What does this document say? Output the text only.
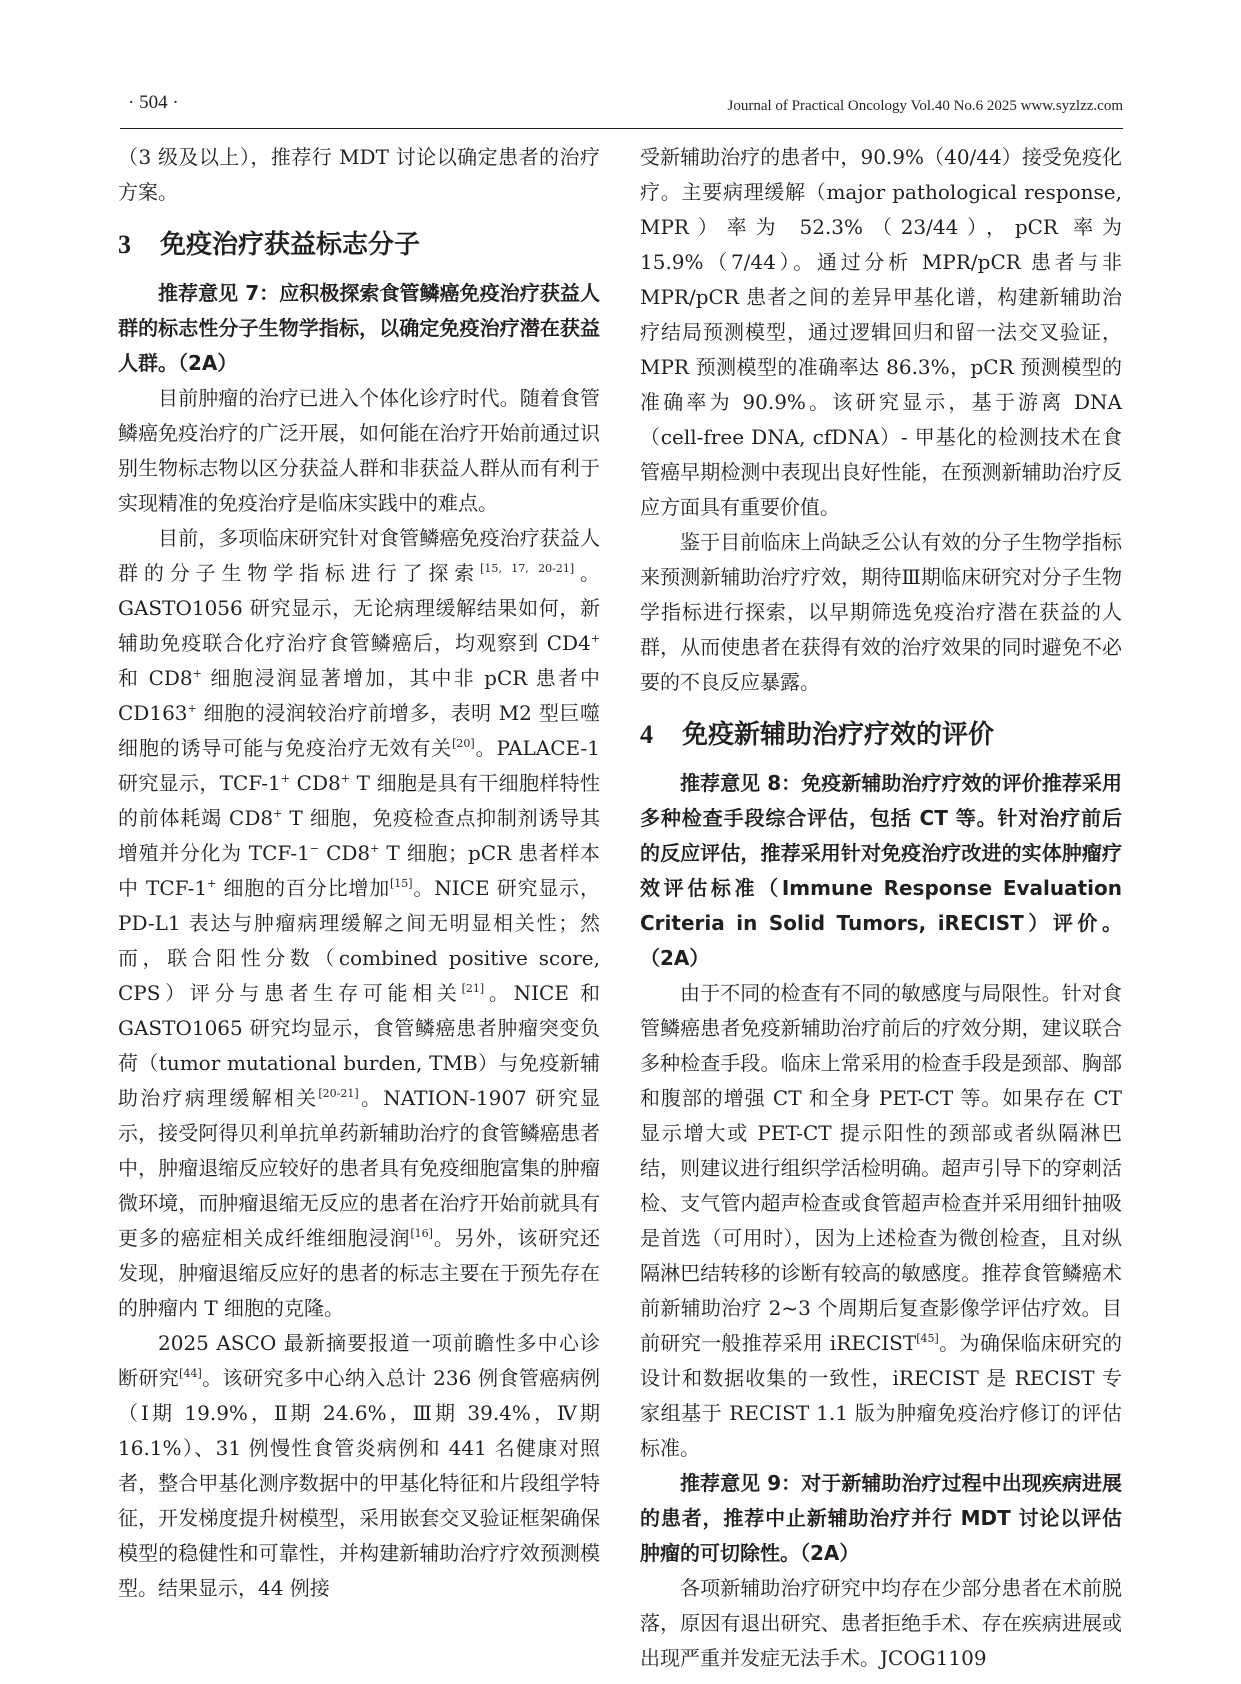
· 504 ·	Journal of Practical Oncology Vol.40 No.6 2025 www.syzlzz.com

（3 级及以上），推荐行 MDT 讨论以确定患者的治疗方案。

3 免疫治疗获益标志分子

推荐意见 7：应积极探索食管鳞癌免疫治疗获益人群的标志性分子生物学指标，以确定免疫治疗潜在获益人群。（2A）

目前肿瘤的治疗已进入个体化诊疗时代。随着食管鳞癌免疫治疗的广泛开展，如何能在治疗开始前通过识别生物标志物以区分获益人群和非获益人群从而有利于实现精准的免疫治疗是临床实践中的难点。

目前，多项临床研究针对食管鳞癌免疫治疗获益人群的分子生物学指标进行了探索[15, 17, 20-21]。GASTO1056 研究显示，无论病理缓解结果如何，新辅助免疫联合化疗治疗食管鳞癌后，均观察到 CD4+ 和 CD8+ 细胞浸润显著增加，其中非 pCR 患者中 CD163+ 细胞的浸润较治疗前增多，表明 M2 型巨噬细胞的诱导可能与免疫治疗无效有关[20]。PALACE-1 研究显示，TCF-1+ CD8+ T 细胞是具有干细胞样特性的前体耗竭 CD8+ T 细胞，免疫检查点抑制剂诱导其增殖并分化为 TCF-1− CD8+ T 细胞；pCR 患者样本中 TCF-1+ 细胞的百分比增加[15]。NICE 研究显示，PD-L1 表达与肿瘤病理缓解之间无明显相关性；然而，联合阳性分数（combined positive score, CPS）评分与患者生存可能相关[21]。NICE 和 GASTO1065 研究均显示，食管鳞癌患者肿瘤突变负荷（tumor mutational burden, TMB）与免疫新辅助治疗病理缓解相关[20-21]。NATION-1907 研究显示，接受阿得贝利单抗单药新辅助治疗的食管鳞癌患者中，肿瘤退缩反应较好的患者具有免疫细胞富集的肿瘤微环境，而肿瘤退缩无反应的患者在治疗开始前就具有更多的癌症相关成纤维细胞浸润[16]。另外，该研究还发现，肿瘤退缩反应好的患者的标志主要在于预先存在的肿瘤内 T 细胞的克隆。

2025 ASCO 最新摘要报道一项前瞻性多中心诊断研究[44]。该研究多中心纳入总计 236 例食管癌病例（Ⅰ期 19.9%，Ⅱ期 24.6%，Ⅲ期 39.4%，Ⅳ期 16.1%）、31 例慢性食管炎病例和 441 名健康对照者，整合甲基化测序数据中的甲基化特征和片段组学特征，开发梯度提升树模型，采用嵌套交叉验证框架确保模型的稳健性和可靠性，并构建新辅助治疗疗效预测模型。结果显示，44 例接

受新辅助治疗的患者中，90.9%（40/44）接受免疫化疗。主要病理缓解（major pathological response, MPR）率为 52.3%（23/44），pCR 率为 15.9%（7/44）。通过分析 MPR/pCR 患者与非 MPR/pCR 患者之间的差异甲基化谱，构建新辅助治疗结局预测模型，通过逻辑回归和留一法交叉验证，MPR 预测模型的准确率达 86.3%，pCR 预测模型的准确率为 90.9%。该研究显示，基于游离 DNA（cell-free DNA, cfDNA）- 甲基化的检测技术在食管癌早期检测中表现出良好性能，在预测新辅助治疗反应方面具有重要价值。

鉴于目前临床上尚缺乏公认有效的分子生物学指标来预测新辅助治疗疗效，期待Ⅲ期临床研究对分子生物学指标进行探索，以早期筛选免疫治疗潜在获益的人群，从而使患者在获得有效的治疗效果的同时避免不必要的不良反应暴露。

4 免疫新辅助治疗疗效的评价

推荐意见 8：免疫新辅助治疗疗效的评价推荐采用多种检查手段综合评估，包括 CT 等。针对治疗前后的反应评估，推荐采用针对免疫治疗改进的实体肿瘤疗效评估标准（Immune Response Evaluation Criteria in Solid Tumors, iRECIST）评价。（2A）

由于不同的检查有不同的敏感度与局限性。针对食管鳞癌患者免疫新辅助治疗前后的疗效分期，建议联合多种检查手段。临床上常采用的检查手段是颈部、胸部和腹部的增强 CT 和全身 PET-CT 等。如果存在 CT 显示增大或 PET-CT 提示阳性的颈部或者纵隔淋巴结，则建议进行组织学活检明确。超声引导下的穿刺活检、支气管内超声检查或食管超声检查并采用细针抽吸是首选（可用时），因为上述检查为微创检查，且对纵隔淋巴结转移的诊断有较高的敏感度。推荐食管鳞癌术前新辅助治疗 2~3 个周期后复查影像学评估疗效。目前研究一般推荐采用 iRECIST[45]。为确保临床研究的设计和数据收集的一致性，iRECIST 是 RECIST 专家组基于 RECIST 1.1 版为肿瘤免疫治疗修订的评估标准。

推荐意见 9：对于新辅助治疗过程中出现疾病进展的患者，推荐中止新辅助治疗并行 MDT 讨论以评估肿瘤的可切除性。（2A）

各项新辅助治疗研究中均存在少部分患者在术前脱落，原因有退出研究、患者拒绝手术、存在疾病进展或出现严重并发症无法手术。JCOG1109
